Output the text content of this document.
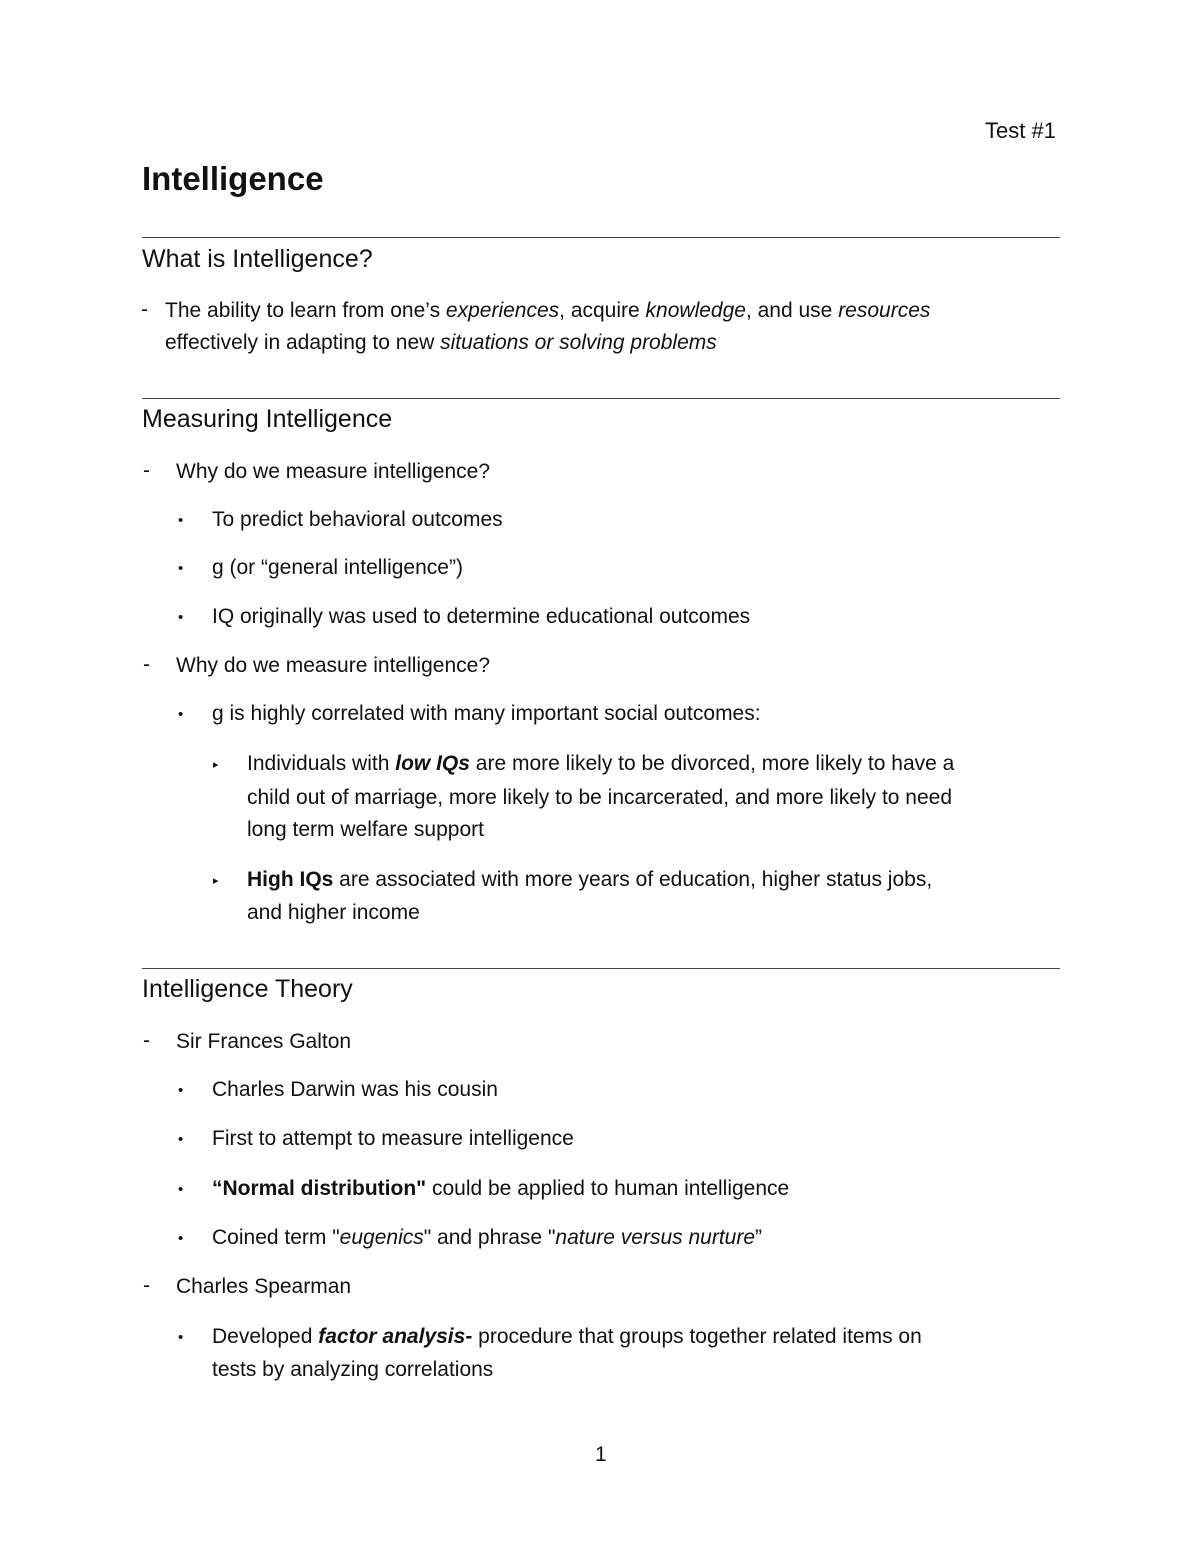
Test #1
Intelligence
What is Intelligence?
- The ability to learn from one’s experiences, acquire knowledge, and use resources
effectively in adapting to new situations or solving problems
Measuring Intelligence
- Why do we measure intelligence?
• To predict behavioral outcomes
• g (or “general intelligence”)
• IQ originally was used to determine educational outcomes
- Why do we measure intelligence?
• g is highly correlated with many important social outcomes:
▸ Individuals with low IQs are more likely to be divorced, more likely to have a
child out of marriage, more likely to be incarcerated, and more likely to need
long term welfare support
▸ High IQs are associated with more years of education, higher status jobs,
and higher income
Intelligence Theory
- Sir Frances Galton
• Charles Darwin was his cousin
• First to attempt to measure intelligence
• “Normal distribution" could be applied to human intelligence
• Coined term "eugenics" and phrase "nature versus nurture”
- Charles Spearman
• Developed factor analysis- procedure that groups together related items on
tests by analyzing correlations
1
